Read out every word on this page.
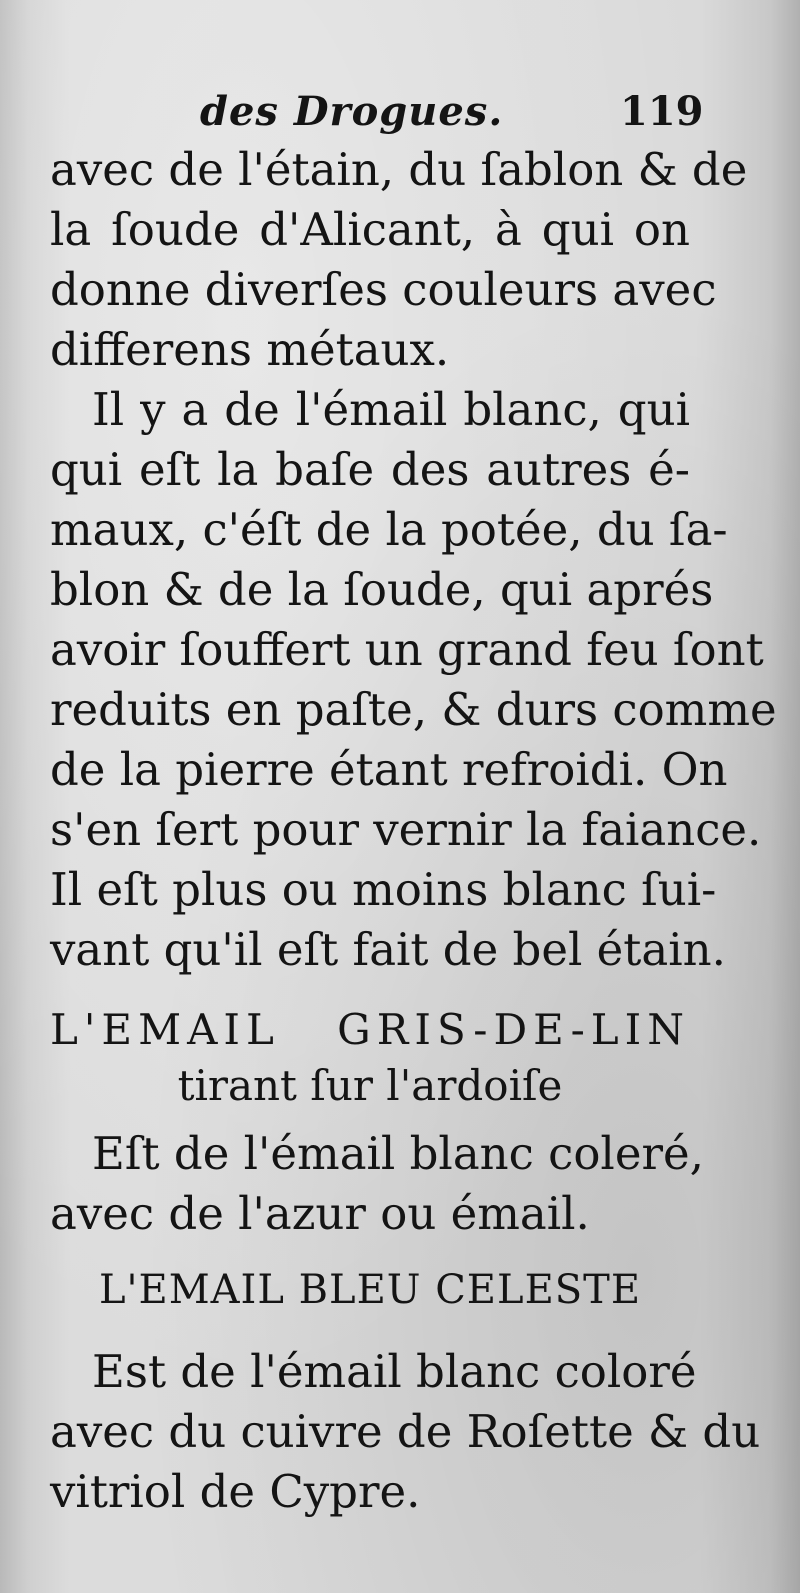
des Drogues.	119
avec de l'étain, du ſablon & de
la ſoude d'Alicant, à qui on
donne diverſes couleurs avec
differens métaux.
Il y a de l'émail blanc, qui
qui eſt la baſe des autres é-
maux, c'éſt de la potée, du ſa-
blon & de la ſoude, qui aprés
avoir ſouffert un grand feu ſont
reduits en paſte, & durs comme
de la pierre étant refroidi. On
s'en ſert pour vernir la faiance.
Il eſt plus ou moins blanc ſui-
vant qu'il eſt fait de bel étain.
L'EMAIL GRIS-DE-LIN
tirant ſur l'ardoiſe
Eſt de l'émail blanc coleré,
avec de l'azur ou émail.
L'EMAIL BLEU CELESTE
Est de l'émail blanc coloré
avec du cuivre de Roſette & du
vitriol de Cypre.
